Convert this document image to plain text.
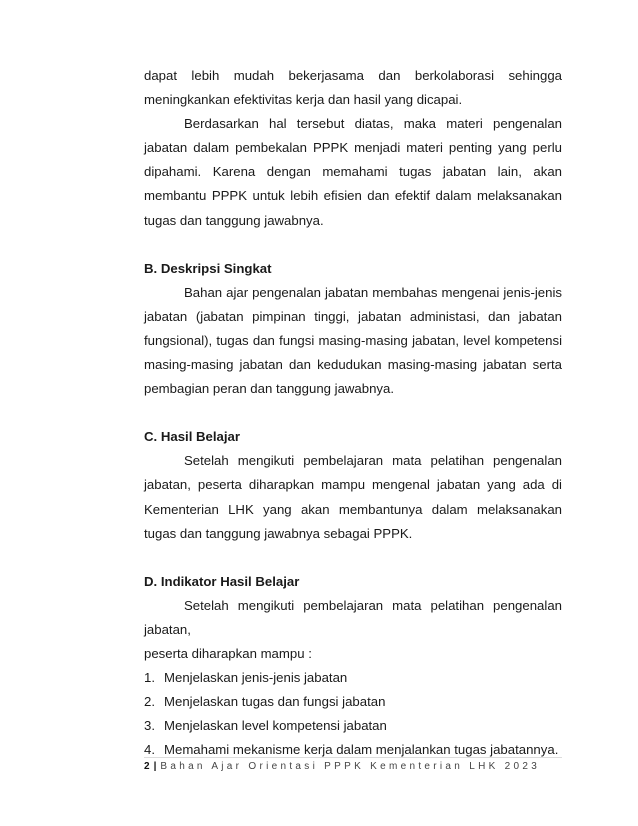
dapat lebih mudah bekerjasama dan berkolaborasi sehingga meningkankan efektivitas kerja dan hasil yang dicapai.

Berdasarkan hal tersebut diatas, maka materi pengenalan jabatan dalam pembekalan PPPK menjadi materi penting yang perlu dipahami. Karena dengan memahami tugas jabatan lain, akan membantu PPPK untuk lebih efisien dan efektif dalam melaksanakan tugas dan tanggung jawabnya.

B. Deskripsi Singkat

Bahan ajar pengenalan jabatan membahas mengenai jenis-jenis jabatan (jabatan pimpinan tinggi, jabatan administasi, dan jabatan fungsional), tugas dan fungsi masing-masing jabatan, level kompetensi masing-masing jabatan dan kedudukan masing-masing jabatan serta pembagian peran dan tanggung jawabnya.

C. Hasil Belajar

Setelah mengikuti pembelajaran mata pelatihan pengenalan jabatan, peserta diharapkan mampu mengenal jabatan yang ada di Kementerian LHK yang akan membantunya dalam melaksanakan tugas dan tanggung jawabnya sebagai PPPK.

D. Indikator Hasil Belajar

Setelah mengikuti pembelajaran mata pelatihan pengenalan jabatan,

peserta diharapkan mampu :

1. Menjelaskan jenis-jenis jabatan
2. Menjelaskan tugas dan fungsi jabatan
3. Menjelaskan level kompetensi jabatan
4. Memahami mekanisme kerja dalam menjalankan tugas jabatannya.
2 | Bahan Ajar Orientasi PPPK Kementerian LHK 2023
